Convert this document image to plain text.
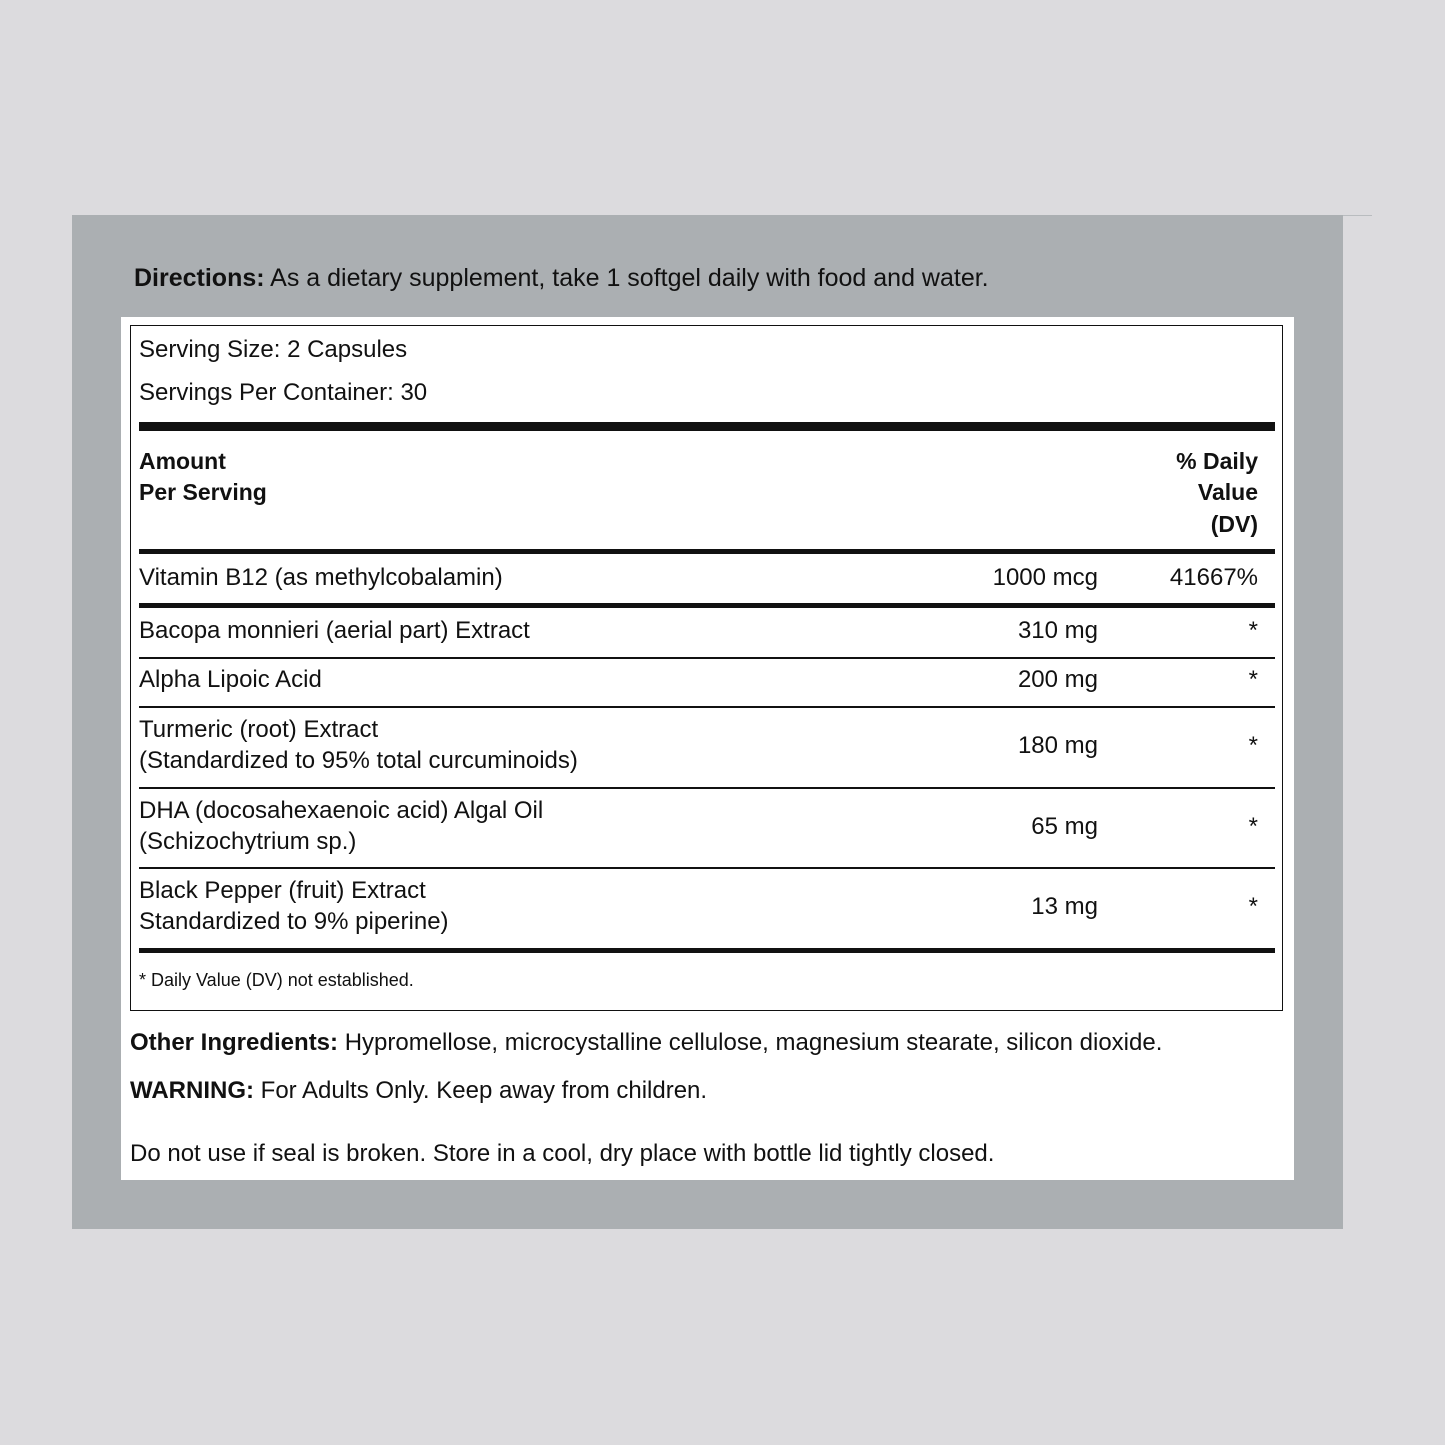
Directions: As a dietary supplement, take 1 softgel daily with food and water.
Serving Size: 2 Capsules
Servings Per Container: 30
Amount
Per Serving
% Daily
Value
(DV)
Vitamin B12 (as methylcobalamin)	1000 mcg	41667%
Bacopa monnieri (aerial part) Extract	310 mg	*
Alpha Lipoic Acid	200 mg	*
Turmeric (root) Extract
(Standardized to 95% total curcuminoids)
180 mg	*
DHA (docosahexaenoic acid) Algal Oil
(Schizochytrium sp.)
65 mg	*
Black Pepper (fruit) Extract
Standardized to 9% piperine)
13 mg	*
* Daily Value (DV) not established.
Other Ingredients: Hypromellose, microcystalline cellulose, magnesium stearate, silicon dioxide.
WARNING: For Adults Only. Keep away from children.
Do not use if seal is broken. Store in a cool, dry place with bottle lid tightly closed.
